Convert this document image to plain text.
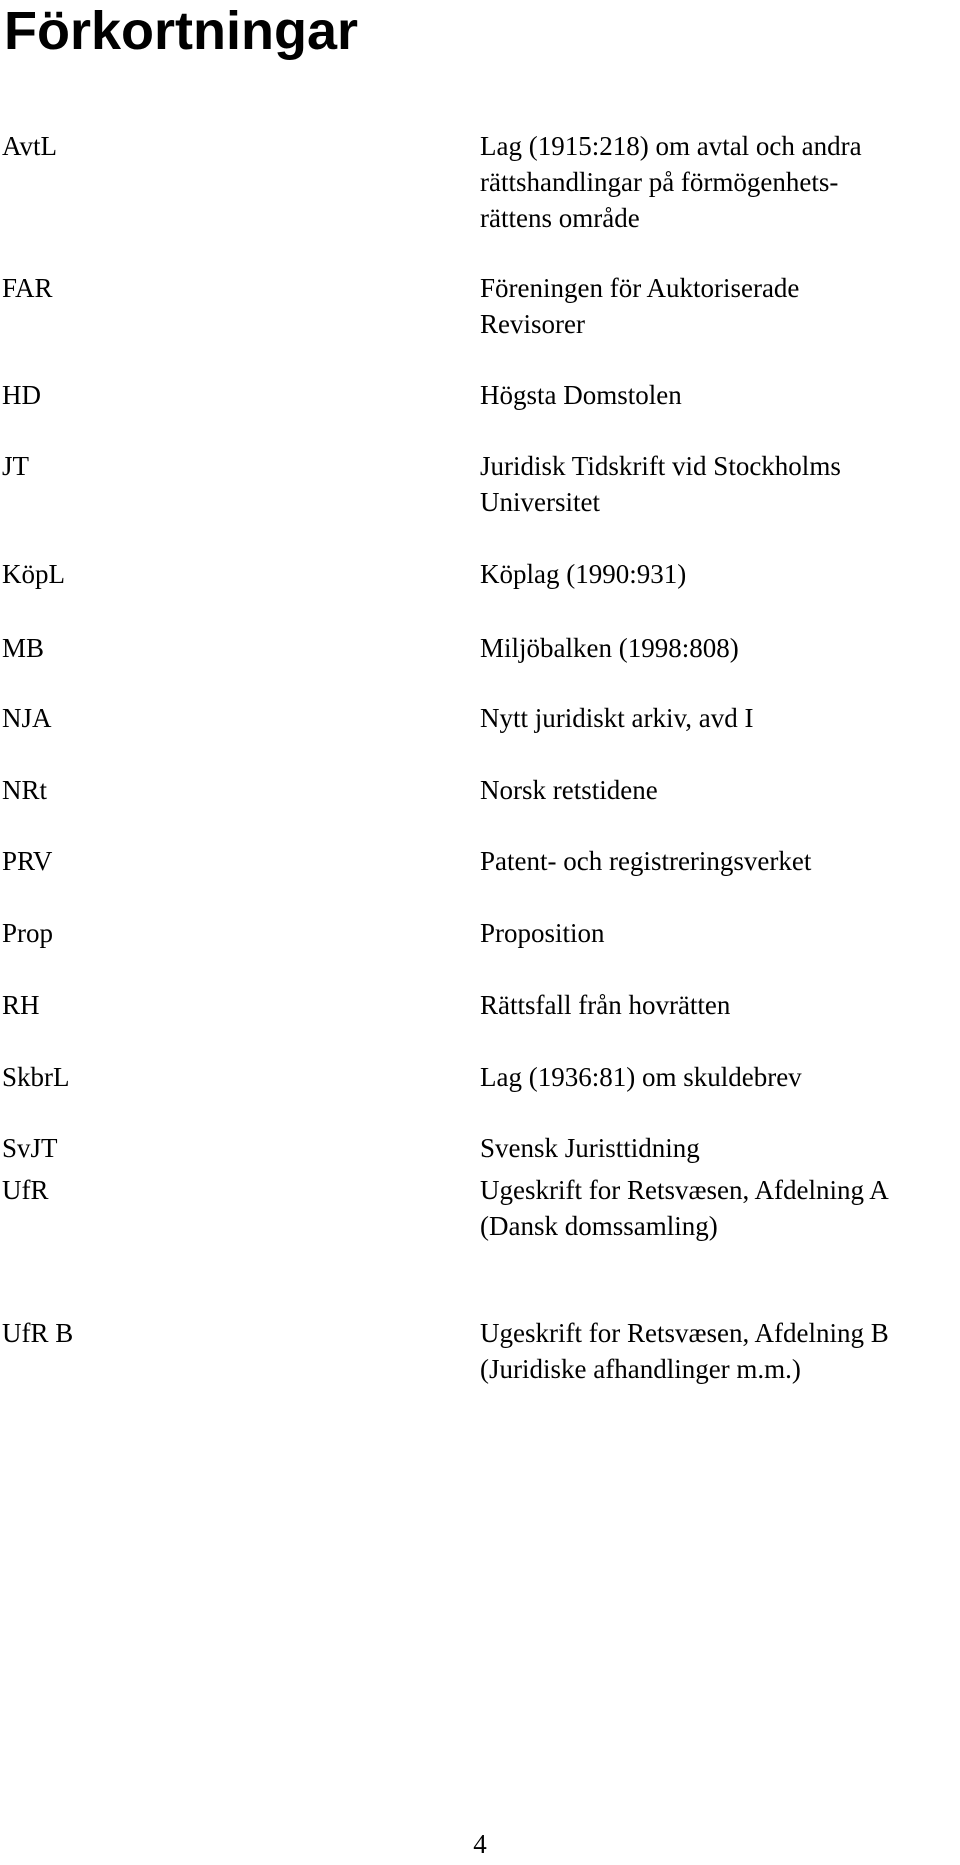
Förkortningar
AvtL	Lag (1915:218) om avtal och andra
rättshandlingar på förmögenhets-
rättens område
FAR	Föreningen för Auktoriserade
Revisorer
HD	Högsta Domstolen
JT	Juridisk Tidskrift vid Stockholms
Universitet
KöpL	Köplag (1990:931)
MB	Miljöbalken (1998:808)
NJA	Nytt juridiskt arkiv, avd I
NRt	Norsk retstidene
PRV	Patent- och registreringsverket
Prop	Proposition
RH	Rättsfall från hovrätten
SkbrL	Lag (1936:81) om skuldebrev
SvJT	Svensk Juristtidning
UfR	Ugeskrift for Retsvæsen, Afdelning A
(Dansk domssamling)
UfR B	Ugeskrift for Retsvæsen, Afdelning B
(Juridiske afhandlinger m.m.)
4
